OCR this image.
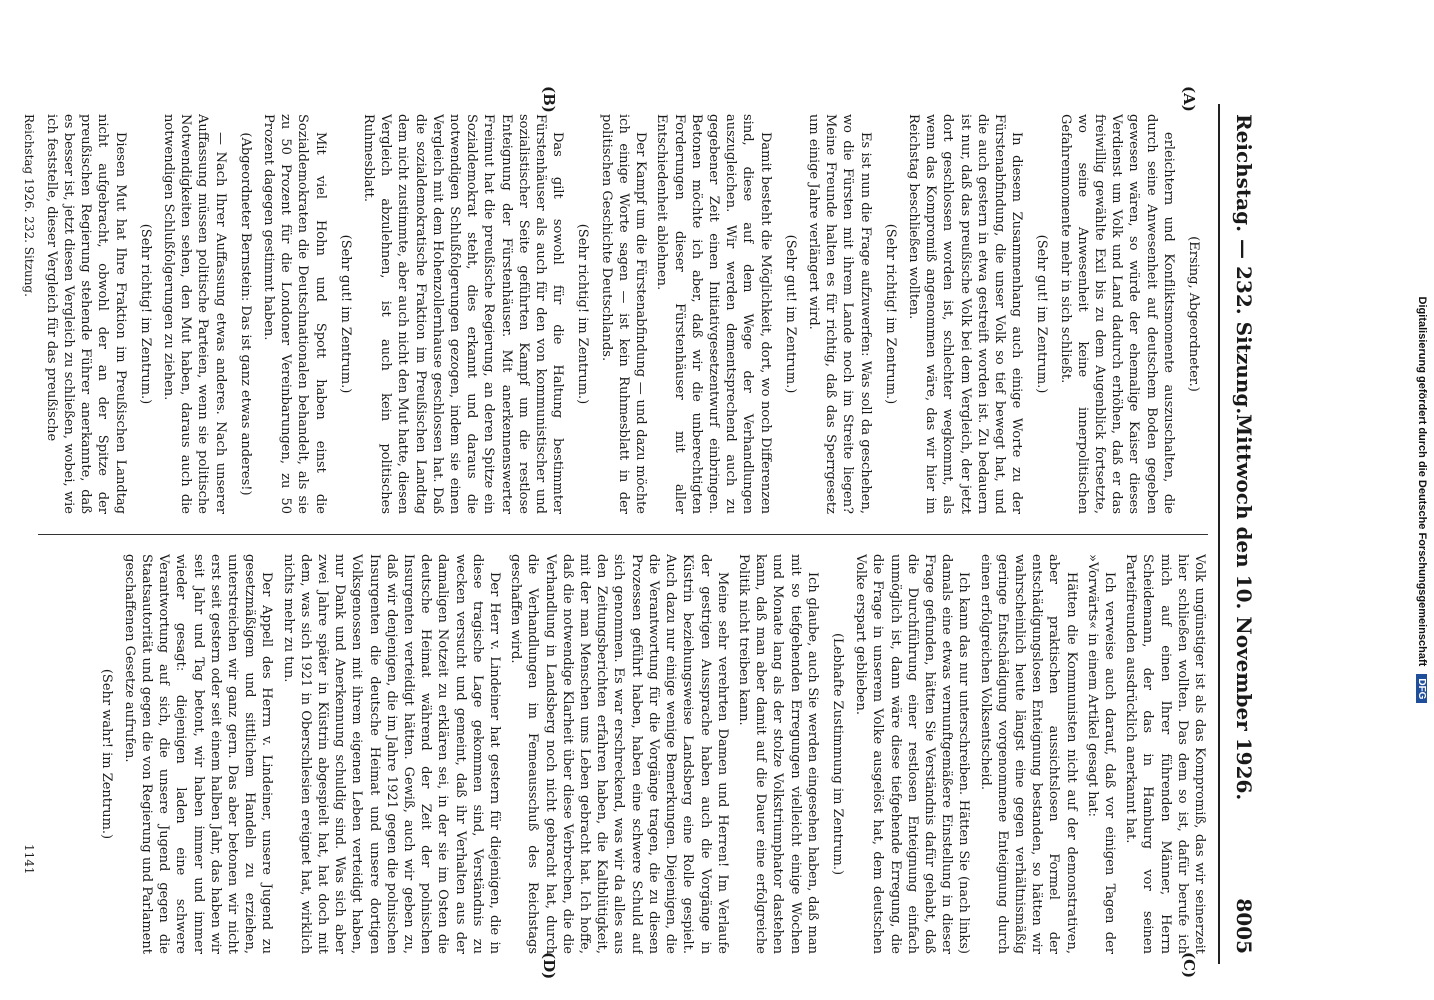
Reichstag. — 232. Sitzung.
Mittwoch den 10. November 1926.
8005

(Ersing, Abgeordneter.)

erleichtern und Konfliktsmomente auszuschalten, die durch seine Anwesenheit auf deutschem Boden gegeben gewesen wären, so würde der ehemalige Kaiser dieses Verdienst um Volk und Land dadurch erhöhen, daß er das freiwillig gewählte Exil bis zu dem Augenblick fortsetzte, wo seine Anwesenheit keine innerpolitischen Gefahrenmomente mehr in sich schließt.

(Sehr gut! im Zentrum.)

In diesem Zusammenhang auch einige Worte zu der Fürstenabfindung, die unser Volk so tief bewegt hat, und die auch gestern in etwa gestreift worden ist. Zu bedauern ist nur, daß das preußische Volk bei dem Vergleich, der jetzt dort geschlossen worden ist, schlechter wegkommt, als wenn das Kompromiß angenommen wäre, das wir hier im Reichstag beschließen wollten.

(Sehr richtig! im Zentrum.)

Es ist nun die Frage aufzuwerfen: Was soll da geschehen, wo die Fürsten mit ihrem Lande noch im Streite liegen? Meine Freunde halten es für richtig, daß das Sperrgesetz um einige Jahre verlängert wird.

(Sehr gut! im Zentrum.)

Damit besteht die Möglichkeit, dort, wo noch Differenzen sind, diese auf dem Wege der Verhandlungen auszugleichen. Wir werden dementsprechend auch zu gegebener Zeit einen Initiativgesetzentwurf einbringen. Betonen möchte ich aber, daß wir die unberechtigten Forderungen dieser Fürstenhäuser mit aller Entschiedenheit ablehnen.

Der Kampf um die Fürstenabfindung — und dazu möchte ich einige Worte sagen — ist kein Ruhmesblatt in der politischen Geschichte Deutschlands.

(Sehr richtig! im Zentrum.)

Das gilt sowohl für die Haltung bestimmter Fürstenhäuser als auch für den von kommunistischer und sozialistischer Seite geführten Kampf um die restlose Enteignung der Fürstenhäuser. Mit anerkennenswerter Freimut hat die preußische Regierung, an deren Spitze ein Sozialdemokrat steht, dies erkannt und daraus die notwendigen Schlußfolgerungen gezogen, indem sie einen Vergleich mit dem Hohenzollernhause geschlossen hat. Daß die sozialdemokratische Fraktion im Preußischen Landtag dem nicht zustimmte, aber auch nicht den Mut hatte, diesen Vergleich abzulehnen, ist auch kein politisches Ruhmesblatt.

(Sehr gut! im Zentrum.)

Mit viel Hohn und Spott haben einst die Sozialdemokraten die Deutschnationalen behandelt, als sie zu 50 Prozent für die Londoner Vereinbarungen, zu 50 Prozent dagegen gestimmt haben.

(Abgeordneter Bernstein: Das ist ganz etwas anderes!)

— Nach Ihrer Auffassung etwas anderes. Nach unserer Auffassung müssen politische Parteien, wenn sie politische Notwendigkeiten sehen, den Mut haben, daraus auch die notwendigen Schlußfolgerungen zu ziehen.

(Sehr richtig! im Zentrum.)

Diesen Mut hat Ihre Fraktion im Preußischen Landtag nicht aufgebracht, obwohl der an der Spitze der preußischen Regierung stehende Führer anerkannte, daß es besser ist, jetzt diesen Vergleich zu schließen, wobei, wie ich feststelle, dieser Vergleich für das preußische

Volk ungünstiger ist als das Kompromiß, das wir seinerzeit hier schließen wollten. Das dem so ist, dafür berufe ich mich auf einen Ihrer führenden Männer, Herrn Scheidemann, der das in Hamburg vor seinen Parteifreunden ausdrücklich anerkannt hat.

Ich verweise auch darauf, daß vor einigen Tagen der »Vorwärts« in einem Artikel gesagt hat:

Hätten die Kommunisten nicht auf der demonstrativen, aber praktischen aussichtslosen Formel der entschädigungslosen Enteignung bestanden, so hätten wir wahrscheinlich heute längst eine gegen verhältnismäßig geringe Entschädigung vorgenommene Enteignung durch einen erfolgreichen Volksentscheid.

Ich kann das nur unterschreiben. Hätten Sie (nach links) damals eine etwas vernunftgemäßere Einstellung in dieser Frage gefunden, hätten Sie Verständnis dafür gehabt, daß die Durchführung einer restlosen Enteignung einfach unmöglich ist, dann wäre diese tiefgehende Erregung, die die Frage in unserem Volke ausgelöst hat, dem deutschen Volke erspart geblieben.

(Lebhafte Zustimmung im Zentrum.)

Ich glaube, auch Sie werden eingesehen haben, daß man mit so tiefgehenden Erregungen vielleicht einige Wochen und Monate lang als der stolze Volkstriumphator dastehen kann, daß man aber damit auf die Dauer eine erfolgreiche Politik nicht treiben kann.

Meine sehr verehrten Damen und Herren! Im Verlaufe der gestrigen Aussprache haben auch die Vorgänge in Küstrin beziehungsweise Landsberg eine Rolle gespielt. Auch dazu nur einige wenige Bemerkungen. Diejenigen, die die Verantwortung für die Vorgänge tragen, die zu diesen Prozessen geführt haben, haben eine schwere Schuld auf sich genommen. Es war erschreckend, was wir da alles aus den Zeitungsberichten erfahren haben, die Kaltblütigkeit, mit der man Menschen ums Leben gebracht hat. Ich hoffe, daß die notwendige Klarheit über diese Verbrechen, die die Verhandlung in Landsberg noch nicht gebracht hat, durch die Verhandlungen im Femeausschuß des Reichstags geschaffen wird.

Der Herr v. Lindeiner hat gestern für diejenigen, die in diese tragische Lage gekommen sind, Verständnis zu wecken versucht und gemeint, daß ihr Verhalten aus der damaligen Notzeit zu erklären sei, in der sie im Osten die deutsche Heimat während der Zeit der polnischen Insurgenten verteidigt hätten. Gewiß, auch wir geben zu, daß wir denjenigen, die im Jahre 1921 gegen die polnischen Insurgenten die deutsche Heimat und unsere dortigen Volksgenossen mit ihrem eigenen Leben verteidigt haben, nur Dank und Anerkennung schuldig sind. Was sich aber zwei Jahre später in Küstrin abgespielt hat, hat doch mit dem, was sich 1921 in Oberschlesien ereignet hat, wirklich nichts mehr zu tun.

Der Appell des Herrn v. Lindeiner, unsere Jugend zu gesetzmäßigem und sittlichem Handeln zu erziehen, unterstreichen wir ganz gern. Das aber betonen wir nicht erst seit gestern oder seit einem halben Jahr, das haben wir seit Jahr und Tag betont, wir haben immer und immer wieder gesagt: diejenigen laden eine schwere Verantwortung auf sich, die unsere Jugend gegen die Staatsautorität und gegen die von Regierung und Parlament geschaffenen Gesetze aufrufen.

(Sehr wahr! im Zentrum.)

(A)
(B)
(C)
(D)
Reichstag 1926. 232. Sitzung.
1141
Digitalisierung gefördert durch die Deutsche Forschungsgemeinschaft
DFG
